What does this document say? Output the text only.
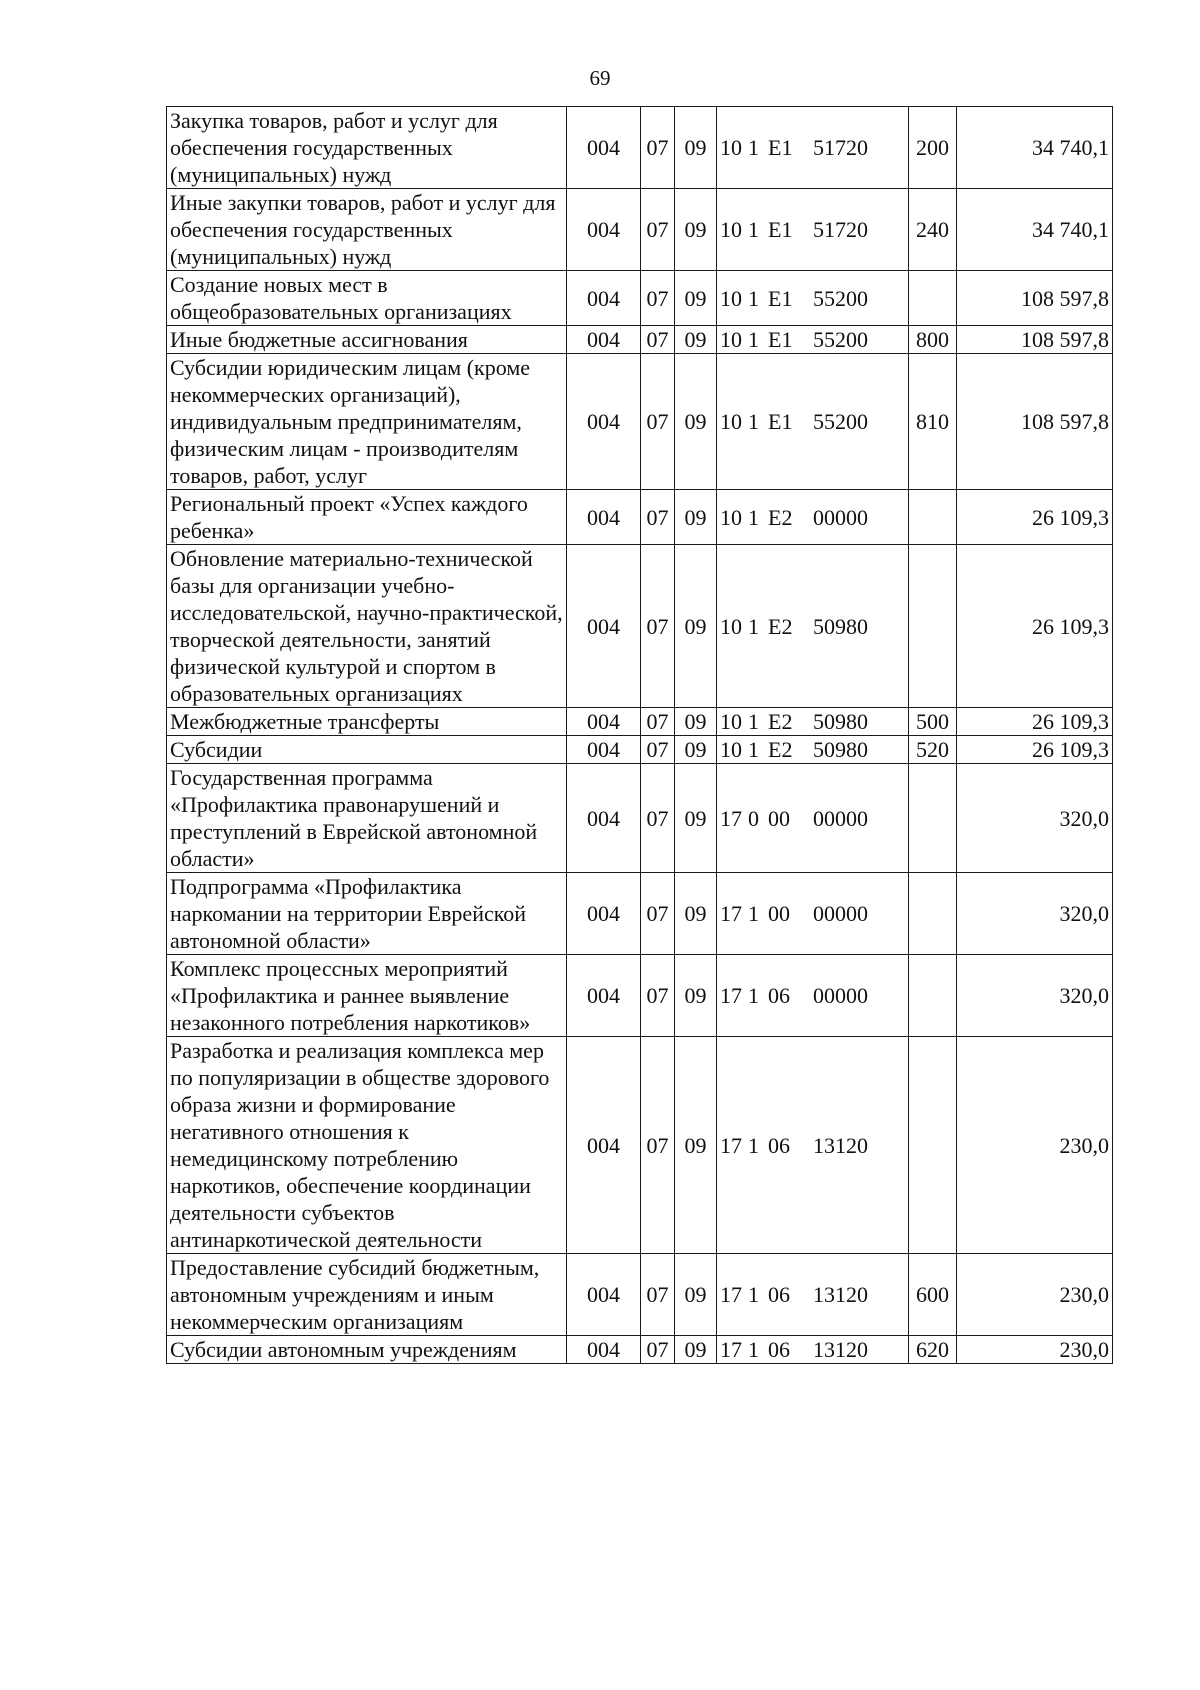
69
Закупка товаров, работ и услуг для обеспечения государственных (муниципальных) нужд	004	07	09	10 1 E1 51720	200	34 740,1
Иные закупки товаров, работ и услуг для обеспечения государственных (муниципальных) нужд	004	07	09	10 1 E1 51720	240	34 740,1
Создание новых мест в общеобразовательных организациях	004	07	09	10 1 E1 55200		108 597,8
Иные бюджетные ассигнования	004	07	09	10 1 E1 55200	800	108 597,8
Субсидии юридическим лицам (кроме некоммерческих организаций), индивидуальным предпринимателям, физическим лицам - производителям товаров, работ, услуг	004	07	09	10 1 E1 55200	810	108 597,8
Региональный проект «Успех каждого ребенка»	004	07	09	10 1 E2 00000		26 109,3
Обновление материально-технической базы для организации учебно-исследовательской, научно-практической, творческой деятельности, занятий физической культурой и спортом в образовательных организациях	004	07	09	10 1 E2 50980		26 109,3
Межбюджетные трансферты	004	07	09	10 1 E2 50980	500	26 109,3
Субсидии	004	07	09	10 1 E2 50980	520	26 109,3
Государственная программа «Профилактика правонарушений и преступлений в Еврейской автономной области»	004	07	09	17 0 00 00000		320,0
Подпрограмма «Профилактика наркомании на территории Еврейской автономной области»	004	07	09	17 1 00 00000		320,0
Комплекс процессных мероприятий «Профилактика и раннее выявление незаконного потребления наркотиков»	004	07	09	17 1 06 00000		320,0
Разработка и реализация комплекса мер по популяризации в обществе здорового образа жизни и формирование негативного отношения к немедицинскому потреблению наркотиков, обеспечение координации деятельности субъектов антинаркотической деятельности	004	07	09	17 1 06 13120		230,0
Предоставление субсидий бюджетным, автономным учреждениям и иным некоммерческим организациям	004	07	09	17 1 06 13120	600	230,0
Субсидии автономным учреждениям	004	07	09	17 1 06 13120	620	230,0
